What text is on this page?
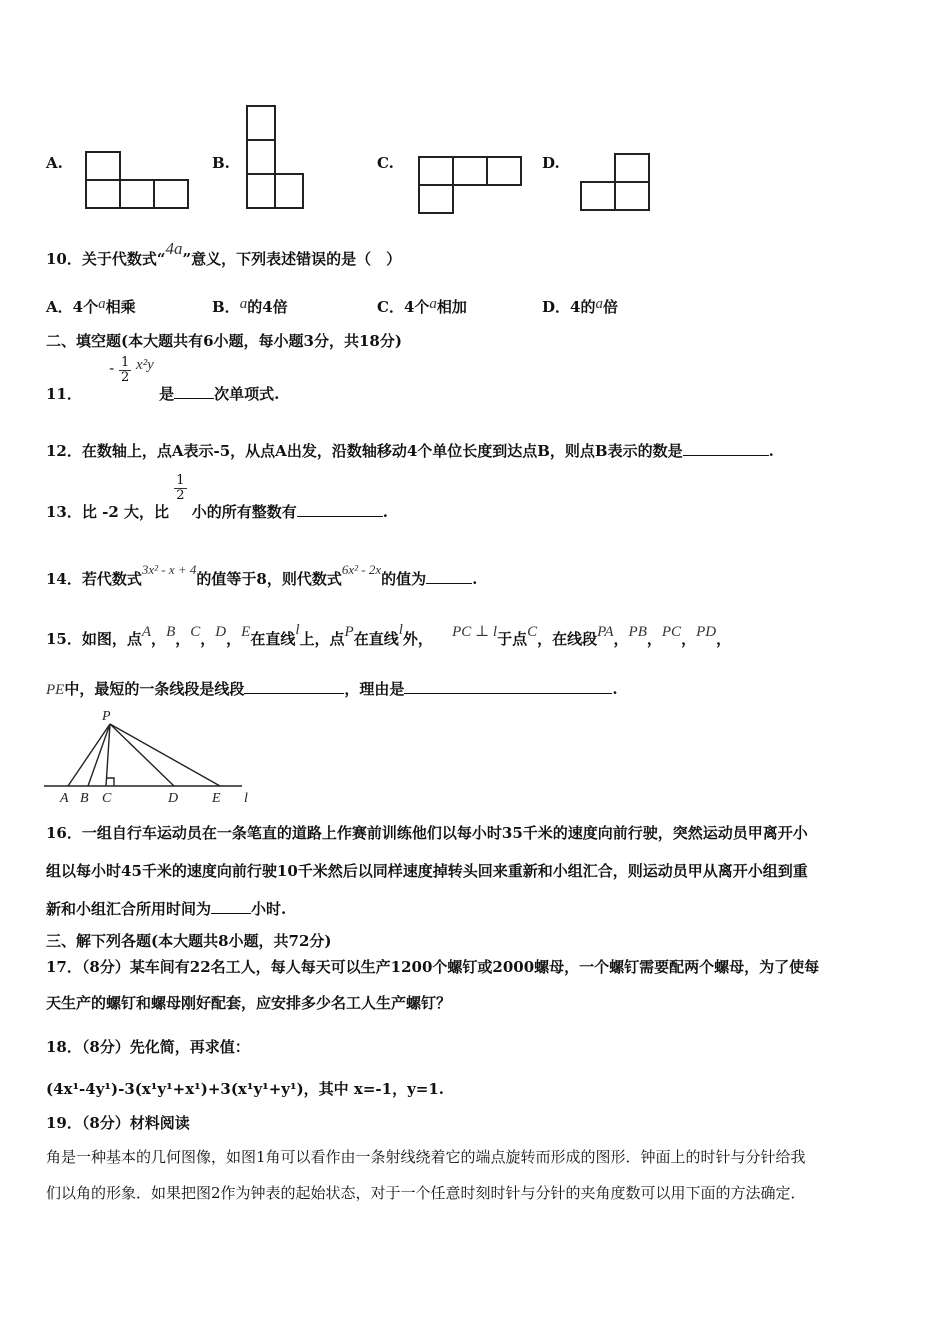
A.	B.	C.	D.
10．关于代数式“4a”意义，下列表述错误的是（　）
A．4个a相乘	B．a的4倍	C．4个a相加	D．4的a倍
二、填空题(本大题共有6小题，每小题3分，共18分)
11． - $\frac{1}{2} x^2y$ 是	次单项式.
12．在数轴上，点A表示-5，从点A出发，沿数轴移动4个单位长度到达点B，则点B表示的数是	.
13．比 -2 大，比
$\frac{1}{2}$
小的所有整数有	.
14．若代数式3x² - x + 4的值等于8，则代数式6x² - 2x的值为	.
15．如图，点A，B，C，D，E在直线l上，点P在直线l外， PC ⊥ l于点C，在线段PA，PB，PC，PD，
PE中，最短的一条线段是线段	，理由是	.
P
A B C	D E l
16．一组自行车运动员在一条笔直的道路上作赛前训练他们以每小时35千米的速度向前行驶，突然运动员甲离开小
组以每小时45千米的速度向前行驶10千米然后以同样速度掉转头回来重新和小组汇合，则运动员甲从离开小组到重
新和小组汇合所用时间为	小时.
三、解下列各题(本大题共8小题，共72分)
17．（8分）某车间有22名工人，每人每天可以生产1200个螺钉或2000螺母，一个螺钉需要配两个螺母，为了使每
天生产的螺钉和螺母刚好配套，应安排多少名工人生产螺钉？
18．（8分）先化简，再求值：
(4x¹-4y¹)-3(x¹y¹+x¹)+3(x¹y¹+y¹)，其中 x=-1，y=1.
19．（8分）材料阅读
角是一种基本的几何图像，如图1角可以看作由一条射线绕着它的端点旋转而形成的图形．钟面上的时针与分针给我
们以角的形象．如果把图2作为钟表的起始状态，对于一个任意时刻时针与分针的夹角度数可以用下面的方法确定．
